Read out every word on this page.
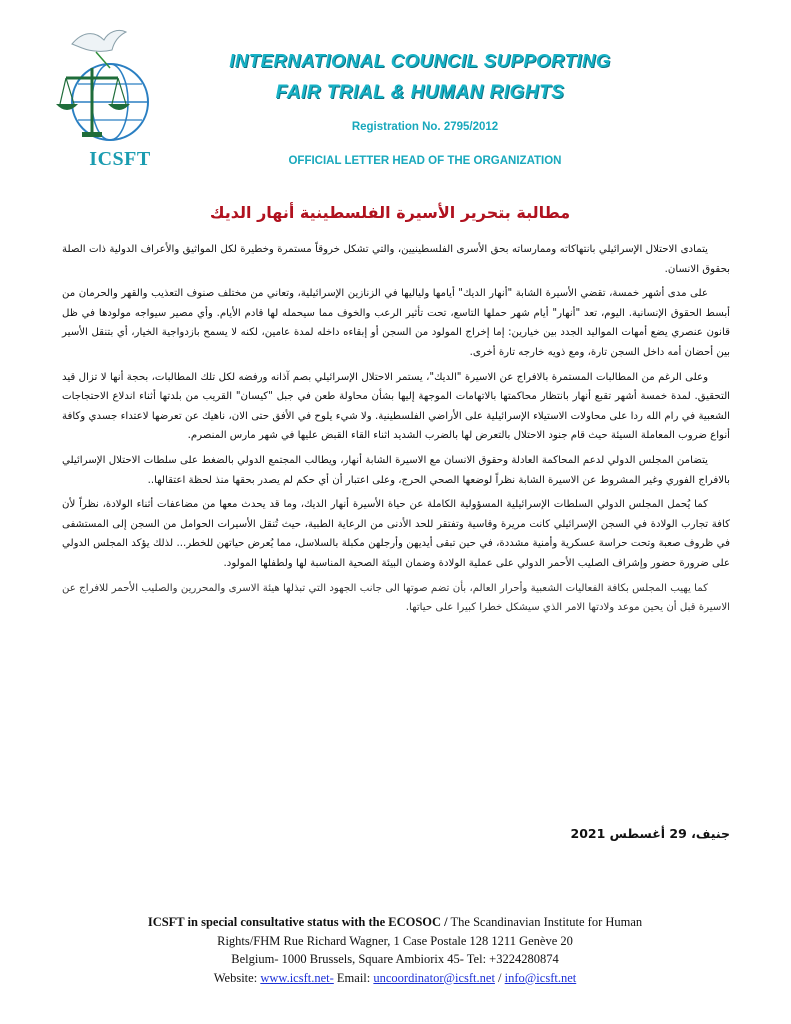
ICSFT
INTERNATIONAL COUNCIL SUPPORTING
FAIR TRIAL & HUMAN RIGHTS
Registration No. 2795/2012
OFFICIAL LETTER HEAD OF THE ORGANIZATION
مطالبة بتحرير الأسيرة الفلسطينية أنهار الديك

يتمادى الاحتلال الإسرائيلي بانتهاكاته وممارساته بحق الأسرى الفلسطينيين، والتي تشكل خروقاً مستمرة وخطيرة لكل المواثيق والأعراف الدولية ذات الصلة بحقوق الانسان.

على مدى أشهر خمسة، تقضي الأسيرة الشابة "أنهار الديك" أيامها ولياليها في الزنازين الإسرائيلية، وتعاني من مختلف صنوف التعذيب والقهر والحرمان من أبسط الحقوق الإنسانية. اليوم، تعد "أنهار" أيام شهر حملها التاسع، تحت تأثير الرعب والخوف مما سيحمله لها قادم الأيام. وأي مصير سيواجه مولودها في ظل قانون عنصري يضع أمهات المواليد الجدد بين خيارين: إما إخراج المولود من السجن أو إبقاءه داخله لمدة عامين، لكنه لا يسمح بازدواجية الخيار، أي بتنقل الأسير بين أحضان أمه داخل السجن تارة، ومع ذويه خارجه تارة أخرى.

وعلى الرغم من المطالبات المستمرة بالافراج عن الاسيرة "الديك"، يستمر الاحتلال الإسرائيلي بصم آذانه ورفضه لكل تلك المطالبات، بحجة أنها لا تزال قيد التحقيق. لمدة خمسة أشهر تقبع أنهار بانتظار محاكمتها بالاتهامات الموجهة إليها بشأن محاولة طعن في جبل "كيسان" القريب من بلدتها أثناء اندلاع الاحتجاجات الشعبية في رام الله ردا على محاولات الاستيلاء الإسرائيلية على الأراضي الفلسطينية. ولا شيء يلوح في الأفق حتى الان، ناهيك عن تعرضها لاعتداء جسدي وكافة أنواع ضروب المعاملة السيئة حيث قام جنود الاحتلال بالتعرض لها بالضرب الشديد اثناء القاء القبض عليها في شهر مارس المنصرم.

يتضامن المجلس الدولي لدعم المحاكمة العادلة وحقوق الانسان مع الاسيرة الشابة أنهار، ويطالب المجتمع الدولي بالضغط على سلطات الاحتلال الإسرائيلي بالافراج الفوري وغير المشروط عن الاسيرة الشابة نظراً لوضعها الصحي الحرج، وعلى اعتبار أن أي حكم لم يصدر بحقها منذ لحظة اعتقالها..

كما يُحمل المجلس الدولي السلطات الإسرائيلية المسؤولية الكاملة عن حياة الأسيرة أنهار الديك، وما قد يحدث معها من مضاعفات أثناء الولادة، نظراً لأن كافة تجارب الولادة في السجن الإسرائيلي كانت مريرة وقاسية وتفتقر للحد الأدنى من الرعاية الطبية، حيث تُنقل الأسيرات الحوامل من السجن إلى المستشفى في ظروف صعبة وتحت حراسة عسكرية وأمنية مشددة، في حين تبقى أيديهن وأرجلهن مكبلة بالسلاسل، مما يُعرض حياتهن للخطر... لذلك يؤكد المجلس الدولي على ضرورة حضور وإشراف الصليب الأحمر الدولي على عملية الولادة وضمان البيئة الصحية المناسبة لها ولطفلها المولود.

كما يهيب المجلس بكافة الفعاليات الشعبية وأحرار العالم، بأن تضم صوتها الى جانب الجهود التي تبذلها هيئة الاسرى والمحررين والصليب الأحمر للافراج عن الاسيرة قبل أن يحين موعد ولادتها الامر الذي سيشكل خطرا كبيرا على حياتها.

جنيف، 29 أغسطس 2021
ICSFT in special consultative status with the ECOSOC / The Scandinavian Institute for Human
Rights/FHM Rue Richard Wagner, 1 Case Postale 128 1211 Genève 20
Belgium- 1000 Brussels, Square Ambiorix 45- Tel: +3224280874
Website: www.icsft.net- Email: uncoordinator@icsft.net / info@icsft.net
